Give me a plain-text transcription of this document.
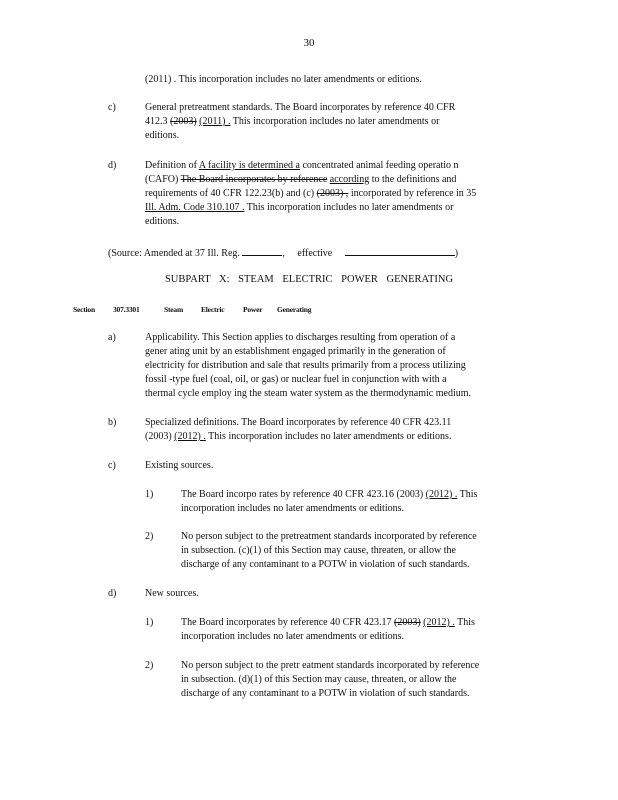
30
(2011) . This incorporation includes no later amendments or editions.
c)	General pretreatment standards. The Board incorporates by reference 40 CFR
412.3 (2003) (2011) . This incorporation includes no later amendments or
editions.
d)	Definition of A facility is determined a concentrated animal feeding operatio n
(CAFO) The Board incorporates by reference according to the definitions and
requirements of 40 CFR 122.23(b) and (c) (2003) , incorporated by reference in 35
Ill. Adm. Code 310.107 . This incorporation includes no later amendments or
editions.
(Source: Amended at 37 Ill. Reg.	,     effective	)
SUBPART X: STEAM ELECTRIC POWER GENERATING
Section 307.3301	Steam Electric Power Generating
a)	Applicability. This Section applies to discharges resulting from operation of a
gener ating unit by an establishment engaged primarily in the generation of
electricity for distribution and sale that results primarily from a process utilizing
fossil -type fuel (coal, oil, or gas) or nuclear fuel in conjunction with with a
thermal cycle employ ing the steam water system as the thermodynamic medium.
b)	Specialized definitions. The Board incorporates by reference 40 CFR 423.11
(2003) (2012) . This incorporation includes no later amendments or editions.
c)	Existing sources.
1)	The Board incorpo rates by reference 40 CFR 423.16 (2003) (2012) . This
incorporation includes no later amendments or editions.
2)	No person subject to the pretreatment standards incorporated by reference
in subsection. (c)(1) of this Section may cause, threaten, or allow the
discharge of any contaminant to a POTW in violation of such standards.
d)	New sources.
1)	The Board incorporates by reference 40 CFR 423.17 (2003) (2012) . This
incorporation includes no later amendments or editions.
2)	No person subject to the pretr eatment standards incorporated by reference
in subsection. (d)(1) of this Section may cause, threaten, or allow the
discharge of any contaminant to a POTW in violation of such standards.
